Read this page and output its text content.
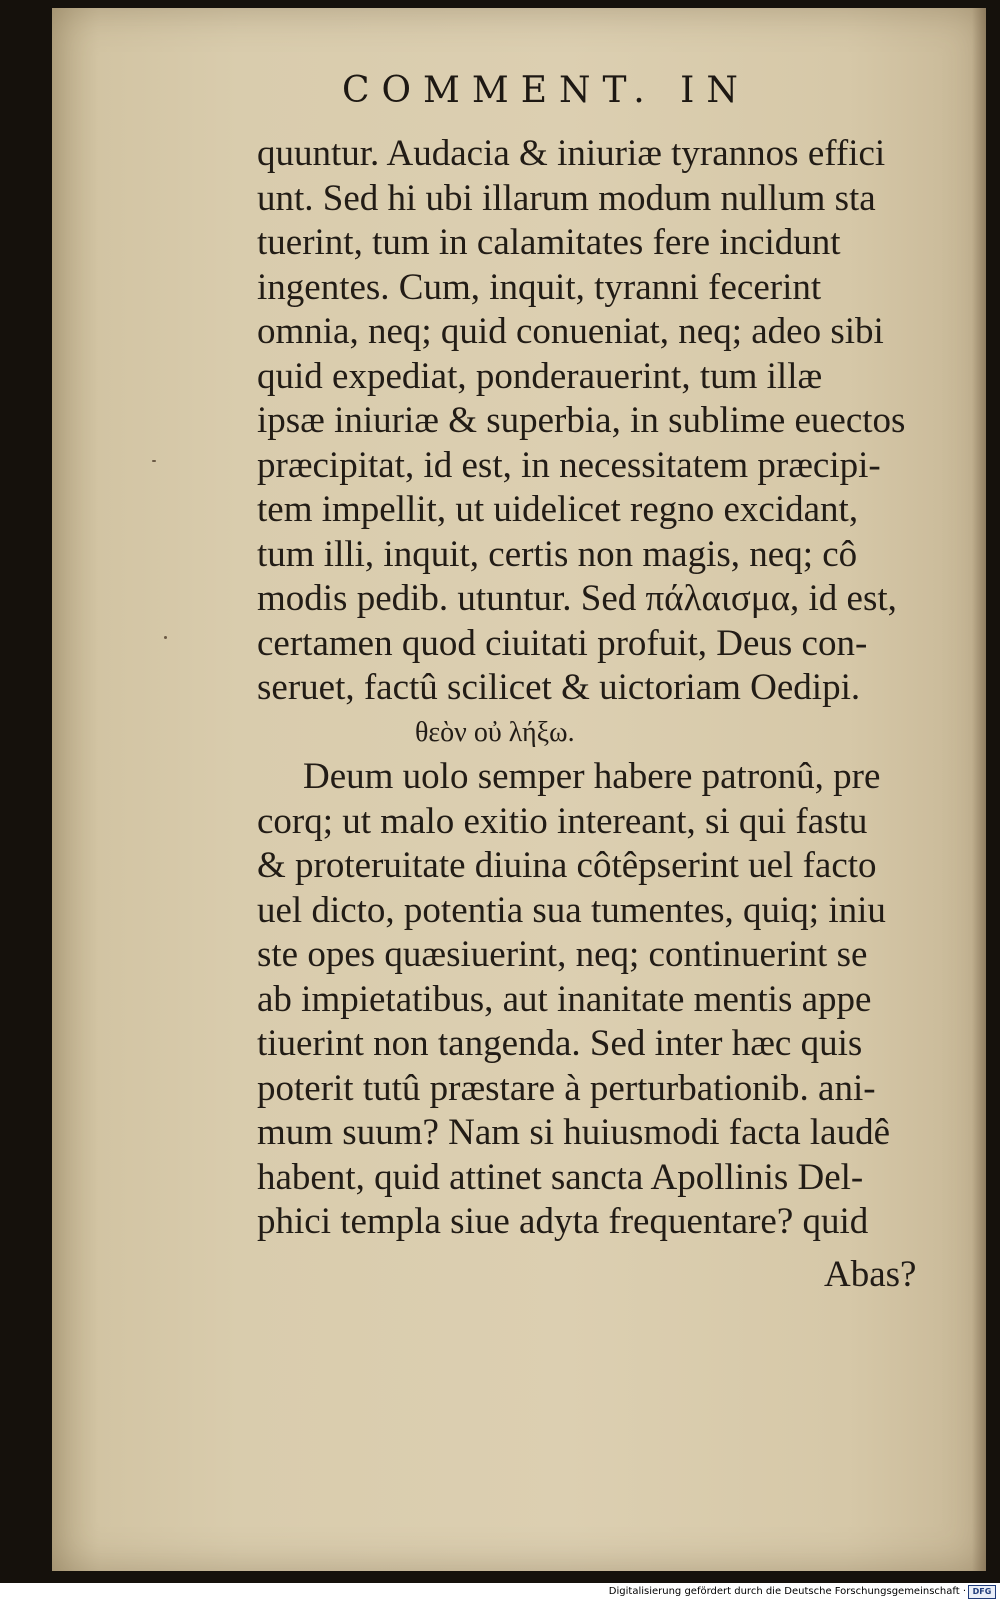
COMMENT. IN
quuntur. Audacia & iniuriæ tyrannos effici
unt. Sed hi ubi illarum modum nullum sta
tuerint, tum in calamitates fere incidunt
ingentes. Cum, inquit, tyranni fecerint
omnia, neq; quid conueniat, neq; adeo sibi
quid expediat, ponderauerint, tum illæ
ipsæ iniuriæ & superbia, in sublime euectos
præcipitat, id est, in necessitatem præcipi-
tem impellit, ut uidelicet regno excidant,
tum illi, inquit, certis non magis, neq; cô
modis pedib. utuntur. Sed πάλαισμα, id est,
certamen quod ciuitati profuit, Deus con-
seruet, factû scilicet & uictoriam Oedipi.
θεὸν οὐ λήξω.
Deum uolo semper habere patronû, pre
corq; ut malo exitio intereant, si qui fastu
& proteruitate diuina côtêpserint uel facto
uel dicto, potentia sua tumentes, quiq; iniu
ste opes quæsiuerint, neq; continuerint se
ab impietatibus, aut inanitate mentis appe
tiuerint non tangenda. Sed inter hæc quis
poterit tutû præstare à perturbationib. ani-
mum suum? Nam si huiusmodi facta laudê
habent, quid attinet sancta Apollinis Del-
phici templa siue adyta frequentare? quid
Abas?
Digitalisierung gefördert durch die Deutsche Forschungsgemeinschaft · DFG
